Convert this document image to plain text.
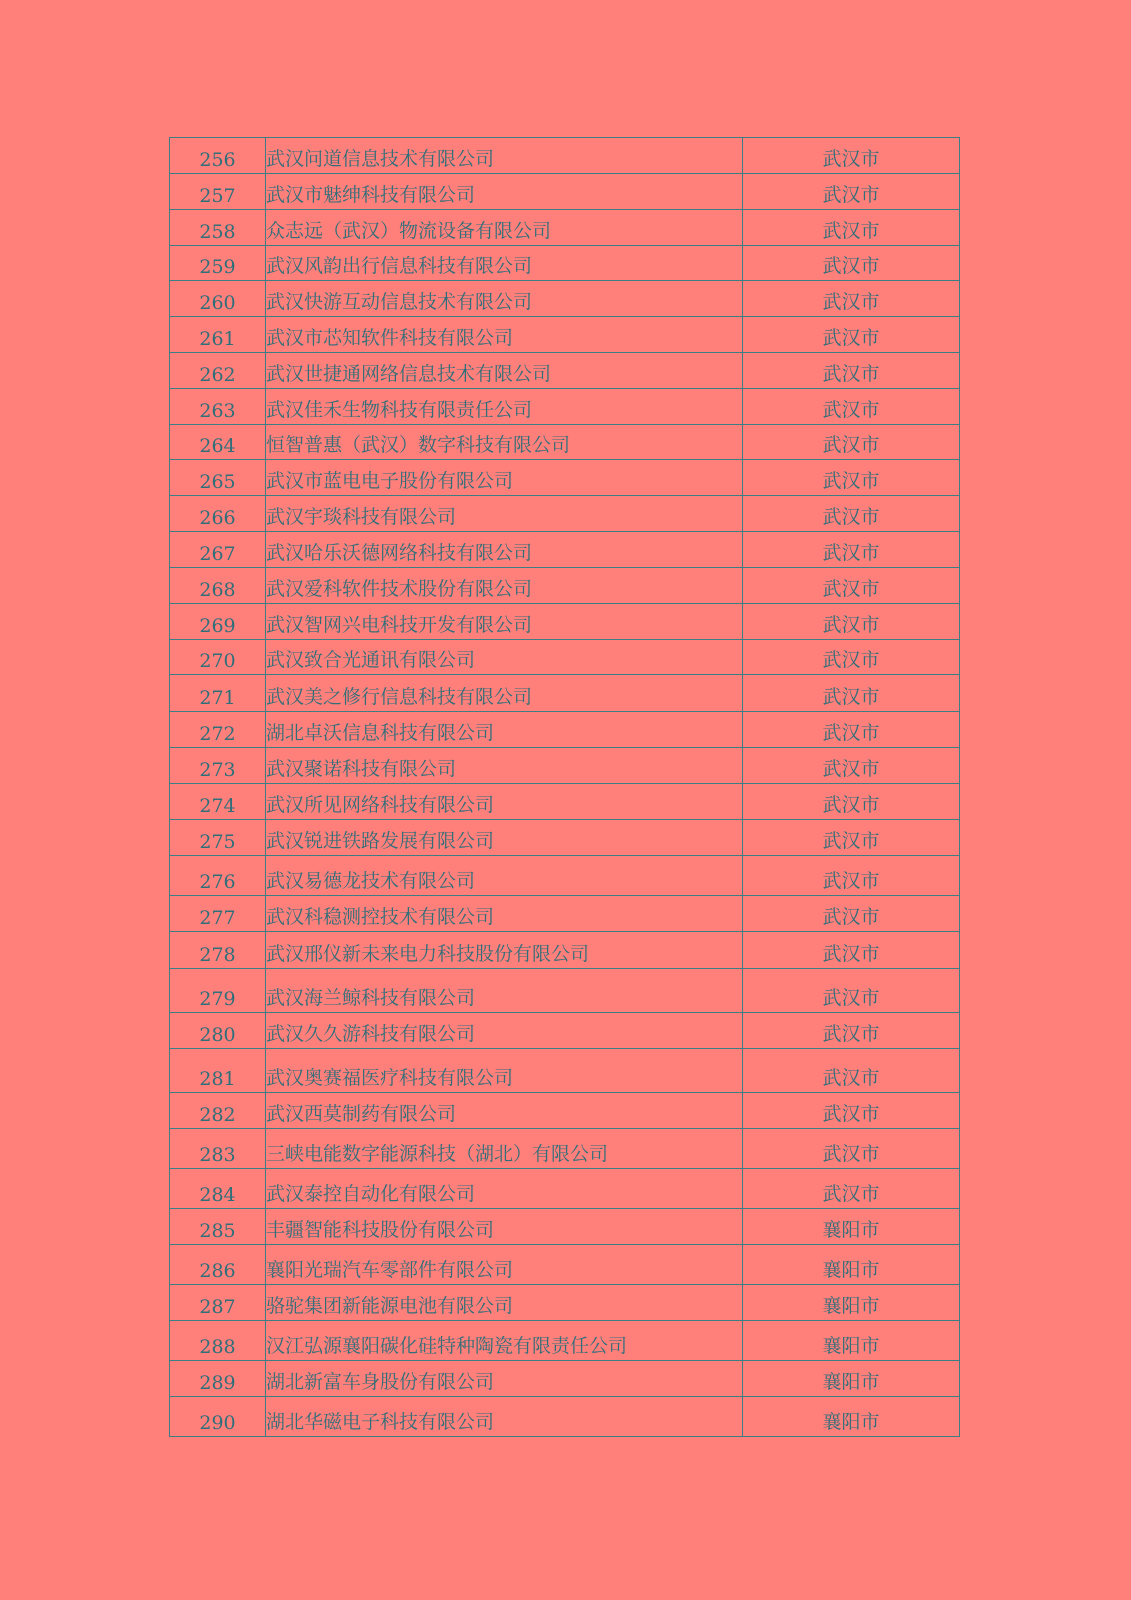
256	武汉问道信息技术有限公司	武汉市
257	武汉市魅绅科技有限公司	武汉市
258	众志远（武汉）物流设备有限公司	武汉市
259	武汉风韵出行信息科技有限公司	武汉市
260	武汉快游互动信息技术有限公司	武汉市
261	武汉市芯知软件科技有限公司	武汉市
262	武汉世捷通网络信息技术有限公司	武汉市
263	武汉佳禾生物科技有限责任公司	武汉市
264	恒智普惠（武汉）数字科技有限公司	武汉市
265	武汉市蓝电电子股份有限公司	武汉市
266	武汉宇琰科技有限公司	武汉市
267	武汉哈乐沃德网络科技有限公司	武汉市
268	武汉爱科软件技术股份有限公司	武汉市
269	武汉智网兴电科技开发有限公司	武汉市
270	武汉致合光通讯有限公司	武汉市
271	武汉美之修行信息科技有限公司	武汉市
272	湖北卓沃信息科技有限公司	武汉市
273	武汉聚诺科技有限公司	武汉市
274	武汉所见网络科技有限公司	武汉市
275	武汉锐进铁路发展有限公司	武汉市
276	武汉易德龙技术有限公司	武汉市
277	武汉科稳测控技术有限公司	武汉市
278	武汉邢仪新未来电力科技股份有限公司	武汉市
279	武汉海兰鲸科技有限公司	武汉市
280	武汉久久游科技有限公司	武汉市
281	武汉奥赛福医疗科技有限公司	武汉市
282	武汉西莫制药有限公司	武汉市
283	三峡电能数字能源科技（湖北）有限公司	武汉市
284	武汉泰控自动化有限公司	武汉市
285	丰疆智能科技股份有限公司	襄阳市
286	襄阳光瑞汽车零部件有限公司	襄阳市
287	骆驼集团新能源电池有限公司	襄阳市
288	汉江弘源襄阳碳化硅特种陶瓷有限责任公司	襄阳市
289	湖北新富车身股份有限公司	襄阳市
290	湖北华磁电子科技有限公司	襄阳市
